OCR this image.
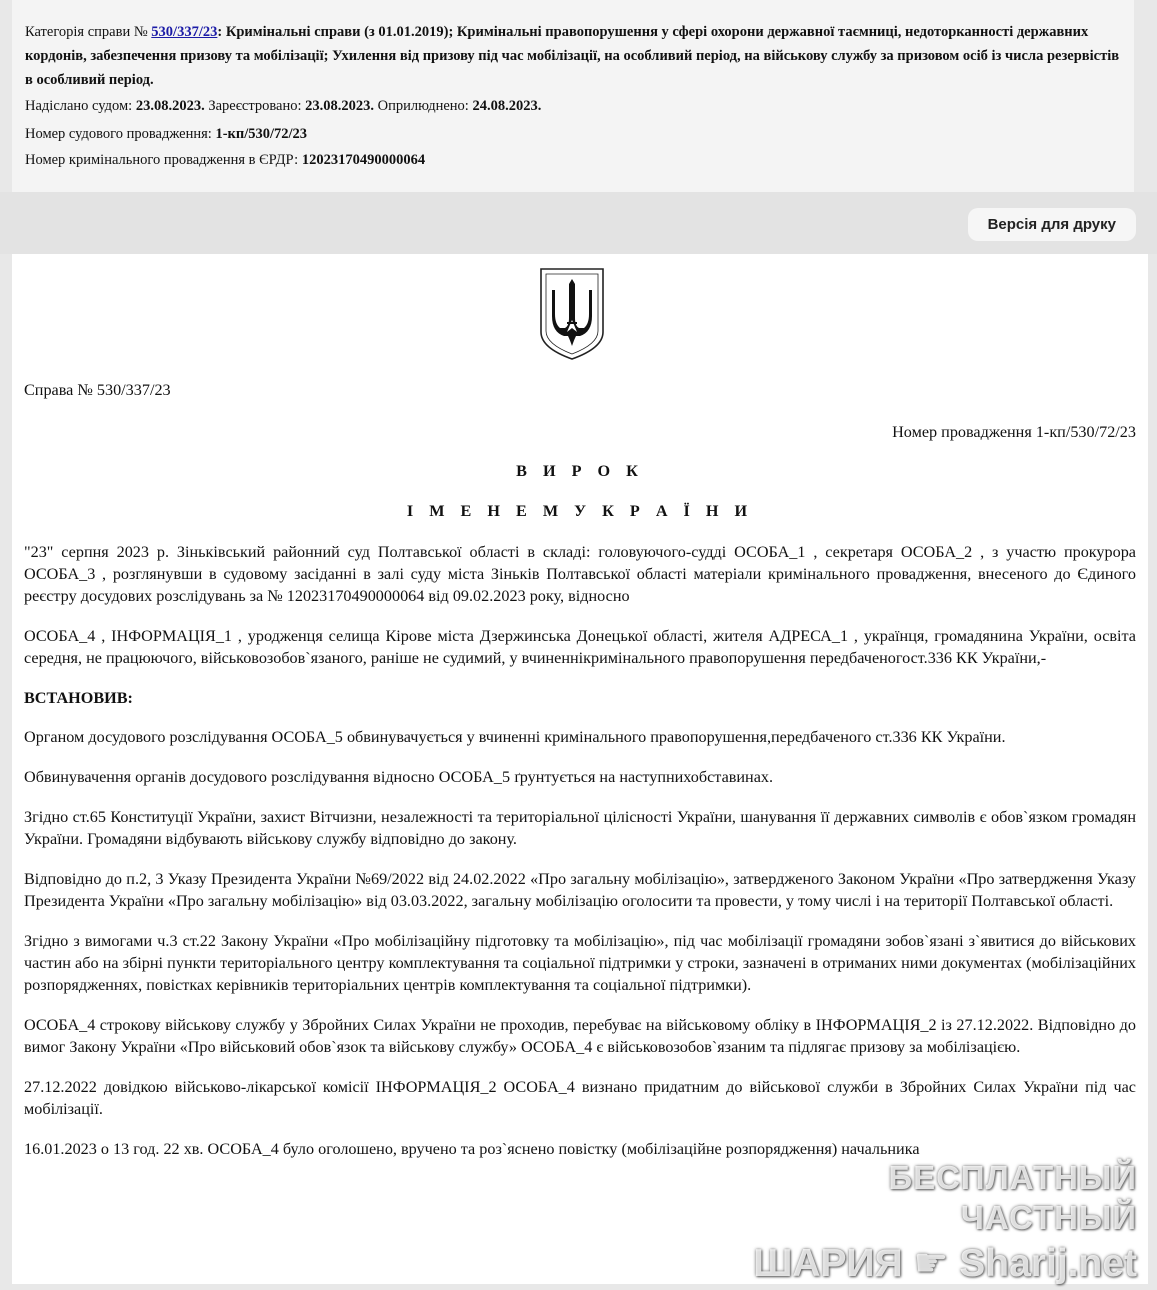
Категорія справи № 530/337/23: Кримінальні справи (з 01.01.2019); Кримінальні правопорушення у сфері охорони державної таємниці, недоторканності державних кордонів, забезпечення призову та мобілізації; Ухилення від призову під час мобілізації, на особливий період, на військову службу за призовом осіб із числа резервістів в особливий період.

Надіслано судом: 23.08.2023. Зареєстровано: 23.08.2023. Оприлюднено: 24.08.2023.

Номер судового провадження: 1-кп/530/72/23

Номер кримінального провадження в ЄРДР: 12023170490000064

Версія для друку
Справа № 530/337/23
Номер провадження 1-кп/530/72/23
В И Р О К
І М Е Н Е М У К Р А Ї Н И

"23" серпня 2023 р. Зіньківський районний суд Полтавської області в складі: головуючого-судді ОСОБА_1 , секретаря ОСОБА_2 , з участю прокурора ОСОБА_3 , розглянувши в судовому засіданні в залі суду міста Зіньків Полтавської області матеріали кримінального провадження, внесеного до Єдиного реєстру досудових розслідувань за № 12023170490000064 від 09.02.2023 року, відносно

ОСОБА_4 , ІНФОРМАЦІЯ_1 , уродженця селища Кірове міста Дзержинська Донецької області, жителя АДРЕСА_1 , українця, громадянина України, освіта середня, не працюючого, військовозобов`язаного, раніше не судимий, у вчиненнікримінального правопорушення передбаченогост.336 КК України,-

ВСТАНОВИВ:

Органом досудового розслідування ОСОБА_5 обвинувачується у вчиненні кримінального правопорушення,передбаченого ст.336 КК України.

Обвинувачення органів досудового розслідування відносно ОСОБА_5 ґрунтується на наступнихобставинах.

Згідно ст.65 Конституції України, захист Вітчизни, незалежності та територіальної цілісності України, шанування її державних символів є обов`язком громадян України. Громадяни відбувають військову службу відповідно до закону.

Відповідно до п.2, 3 Указу Президента України №69/2022 від 24.02.2022 «Про загальну мобілізацію», затвердженого Законом України «Про затвердження Указу Президента України «Про загальну мобілізацію» від 03.03.2022, загальну мобілізацію оголосити та провести, у тому числі і на території Полтавської області.

Згідно з вимогами ч.3 ст.22 Закону України «Про мобілізаційну підготовку та мобілізацію», під час мобілізації громадяни зобов`язані з`явитися до військових частин або на збірні пункти територіального центру комплектування та соціальної підтримки у строки, зазначені в отриманих ними документах (мобілізаційних розпорядженнях, повістках керівників територіальних центрів комплектування та соціальної підтримки).

ОСОБА_4 строкову військову службу у Збройних Силах України не проходив, перебуває на військовому обліку в ІНФОРМАЦІЯ_2 із 27.12.2022. Відповідно до вимог Закону України «Про військовий обов`язок та військову службу» ОСОБА_4 є військовозобов`язаним та підлягає призову за мобілізацією.

27.12.2022 довідкою військово-лікарської комісії ІНФОРМАЦІЯ_2 ОСОБА_4 визнано придатним до військової служби в Збройних Силах України під час мобілізації.

16.01.2023 о 13 год. 22 хв. ОСОБА_4 було оголошено, вручено та роз`яснено повістку (мобілізаційне розпорядження) начальника

БЕСПЛАТНЫЙ ЧАСТНЫЙ
ШАРИЯ ☛ Sharij.net
